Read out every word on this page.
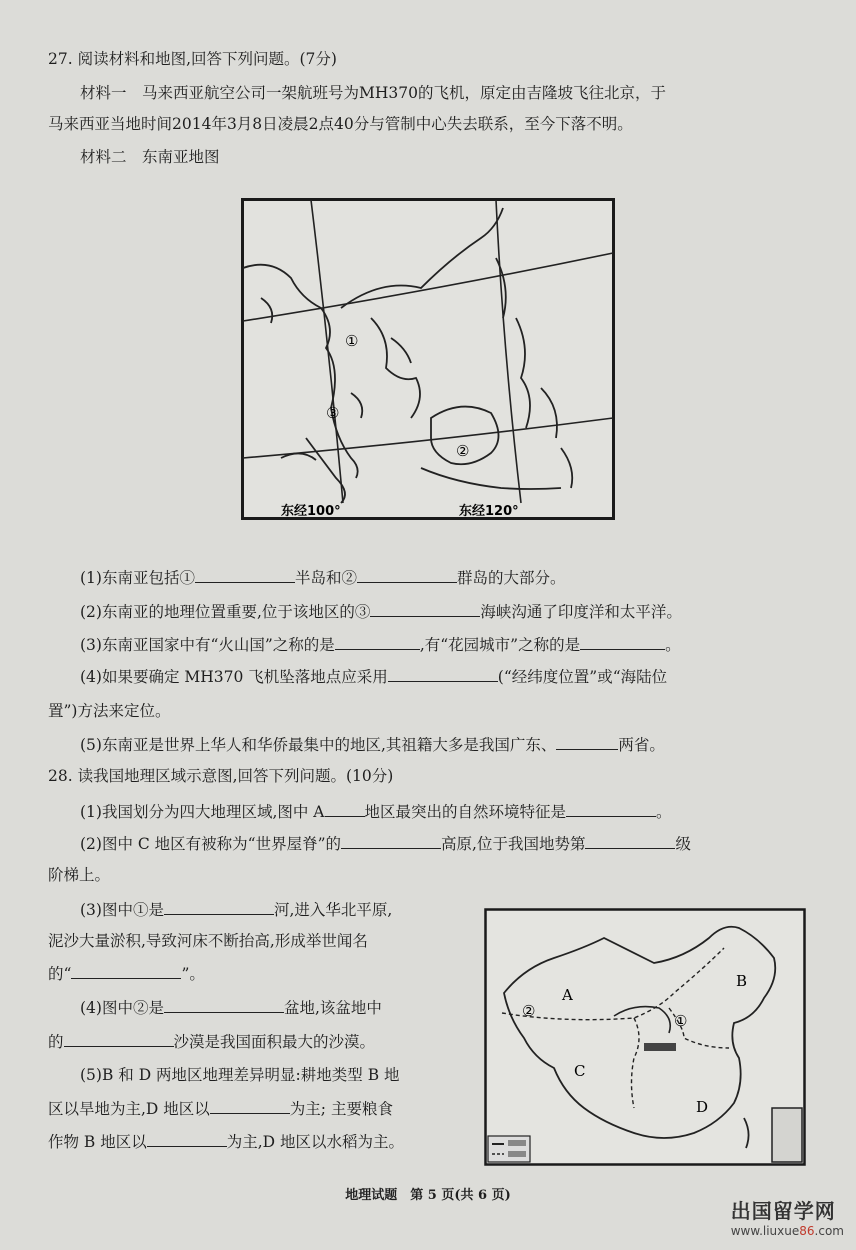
27. 阅读材料和地图,回答下列问题。(7分)
材料一　马来西亚航空公司一架航班号为MH370的飞机，原定由吉隆坡飞往北京，于
马来西亚当地时间2014年3月8日凌晨2点40分与管制中心失去联系，至今下落不明。
材料二　东南亚地图
①
②
③
东经100°	东经120°
(1)东南亚包括①	半岛和②	群岛的大部分。
(2)东南亚的地理位置重要,位于该地区的③	海峡沟通了印度洋和太平洋。
(3)东南亚国家中有“火山国”之称的是	,有“花园城市”之称的是	。
(4)如果要确定 MH370 飞机坠落地点应采用	(“经纬度位置”或“海陆位
置”)方法来定位。
(5)东南亚是世界上华人和华侨最集中的地区,其祖籍大多是我国广东、	两省。
28. 读我国地理区域示意图,回答下列问题。(10分)
(1)我国划分为四大地理区域,图中 A	地区最突出的自然环境特征是	。
(2)图中 C 地区有被称为“世界屋脊”的	高原,位于我国地势第	级
阶梯上。
(3)图中①是	河,进入华北平原,
泥沙大量淤积,导致河床不断抬高,形成举世闻名
的“	”。
(4)图中②是	盆地,该盆地中
的	沙漠是我国面积最大的沙漠。
(5)B 和 D 两地区地理差异明显:耕地类型 B 地
区以旱地为主,D 地区以	为主; 主要粮食
作物 B 地区以	为主,D 地区以水稻为主。
A
B
C
D
①
②
地理试题　第 5 页(共 6 页)
出国留学网
www.liuxue86.com
